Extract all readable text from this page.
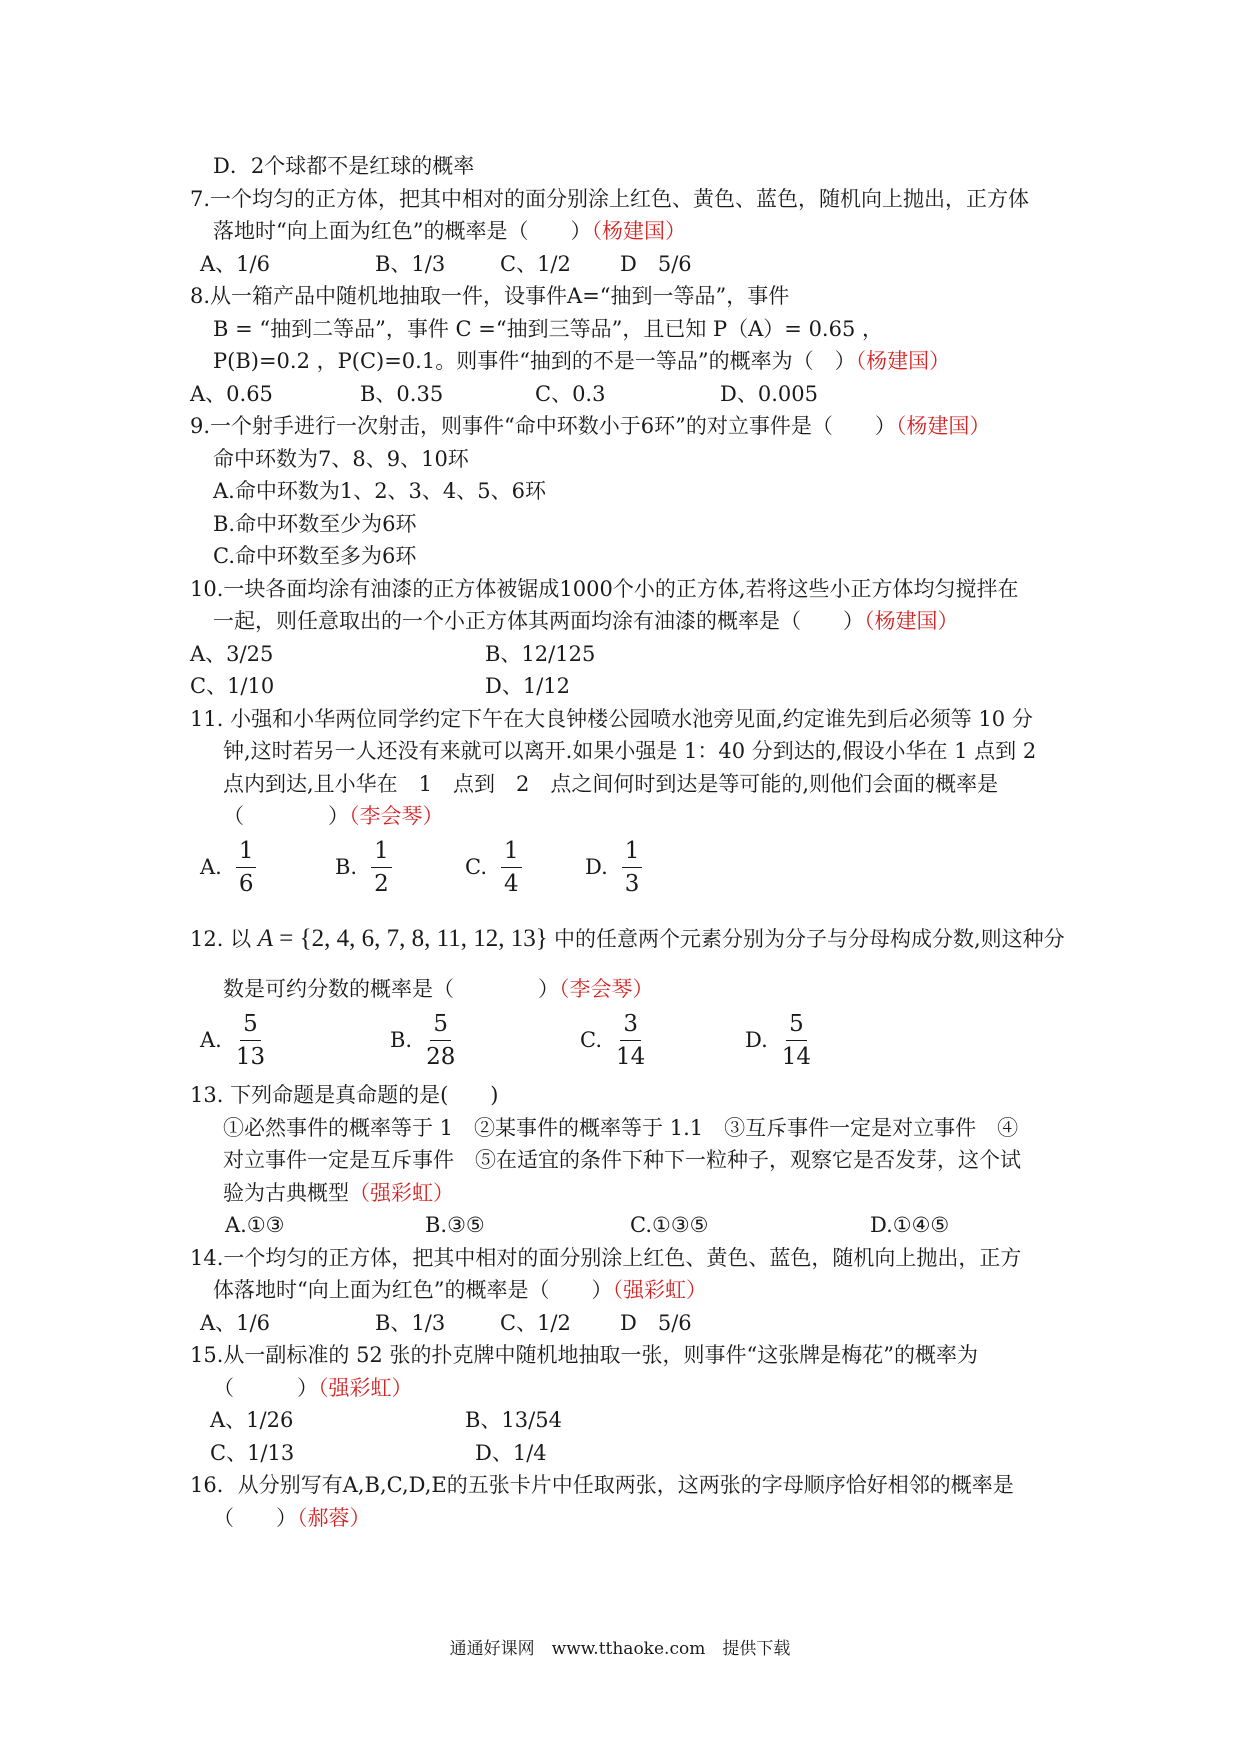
D．2个球都不是红球的概率
7.一个均匀的正方体，把其中相对的面分别涂上红色、黄色、蓝色，随机向上抛出，正方体
落地时“向上面为红色”的概率是（　　）（杨建国）
A、1/6	B、1/3	C、1/2 D　5/6
8.从一箱产品中随机地抽取一件，设事件A=“抽到一等品”，事件
B = “抽到二等品”，事件 C =“抽到三等品”，且已知 P（A）= 0.65 ，
P(B)=0.2 ，P(C)=0.1。则事件“抽到的不是一等品”的概率为（　）（杨建国）
A、0.65	B、0.35	C、0.3	D、0.005
9.一个射手进行一次射击，则事件“命中环数小于6环”的对立事件是（　　）（杨建国）
命中环数为7、8、9、10环
A.命中环数为1、2、3、4、5、6环
B.命中环数至少为6环
C.命中环数至多为6环
10.一块各面均涂有油漆的正方体被锯成1000个小的正方体,若将这些小正方体均匀搅拌在
一起，则任意取出的一个小正方体其两面均涂有油漆的概率是（　　）（杨建国）
A、3/25	B、12/125
C、1/10	D、1/12
11. 小强和小华两位同学约定下午在大良钟楼公园喷水池旁见面,约定谁先到后必须等 10 分
钟,这时若另一人还没有来就可以离开.如果小强是 1：40 分到达的,假设小华在 1 点到 2
点内到达,且小华在　1　点到　2　点之间何时到达是等可能的,则他们会面的概率是
（　　　　）（李会琴）
A. $\frac{1}{6}$	B. $\frac{1}{2}$	C. $\frac{1}{4}$	D. $\frac{1}{3}$
12. 以 A = {2, 4, 6, 7, 8, 11, 12, 13} 中的任意两个元素分别为分子与分母构成分数,则这种分
数是可约分数的概率是（　　　　）（李会琴）
A. $\frac{5}{13}$	B. $\frac{5}{28}$	C. $\frac{3}{14}$	D. $\frac{5}{14}$
13. 下列命题是真命题的是(　　)
①必然事件的概率等于 1　②某事件的概率等于 1.1　③互斥事件一定是对立事件　④
对立事件一定是互斥事件　⑤在适宜的条件下种下一粒种子，观察它是否发芽，这个试
验为古典概型（强彩虹）
A.①③	B.③⑤	C.①③⑤	D.①④⑤
14.一个均匀的正方体，把其中相对的面分别涂上红色、黄色、蓝色，随机向上抛出，正方
体落地时“向上面为红色”的概率是（　　）（强彩虹）
A、1/6	B、1/3	C、1/2 D　5/6
15.从一副标准的 52 张的扑克牌中随机地抽取一张，则事件“这张牌是梅花”的概率为
（　　　）（强彩虹）
A、1/26	B、13/54
C、1/13	D、1/4
16．从分别写有A,B,C,D,E的五张卡片中任取两张，这两张的字母顺序恰好相邻的概率是
（　　）（郝蓉）
通通好课网　www.tthaoke.com　提供下载
